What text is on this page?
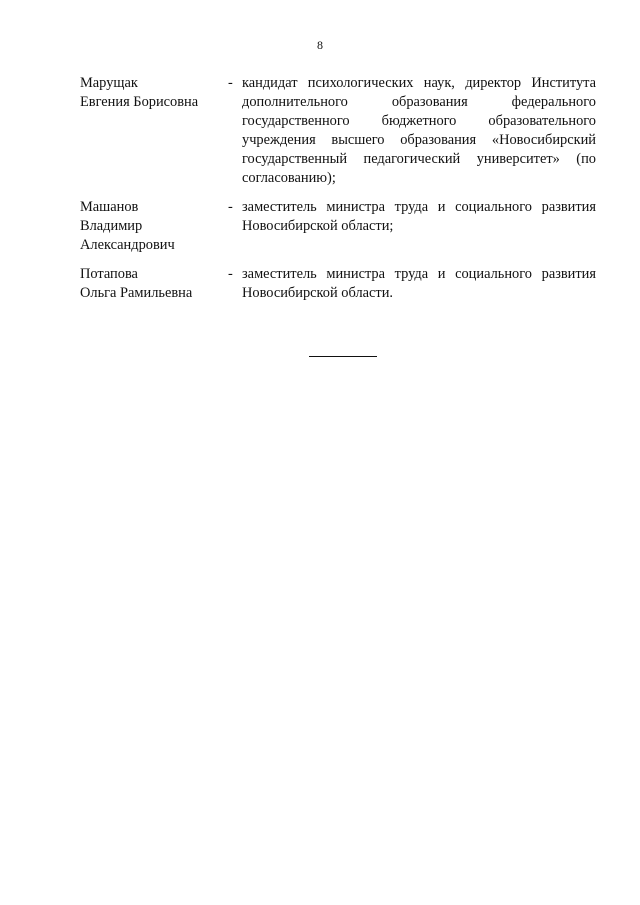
8
Марущак
Евгения Борисовна
- кандидат психологических наук, директор Института дополнительного образования федерального государственного бюджетного образовательного учреждения высшего образования «Новосибирский государственный педагогический университет» (по согласованию);
Машанов
Владимир
Александрович
- заместитель министра труда и социального развития Новосибирской области;
Потапова
Ольга Рамильевна
- заместитель министра труда и социального развития Новосибирской области.
